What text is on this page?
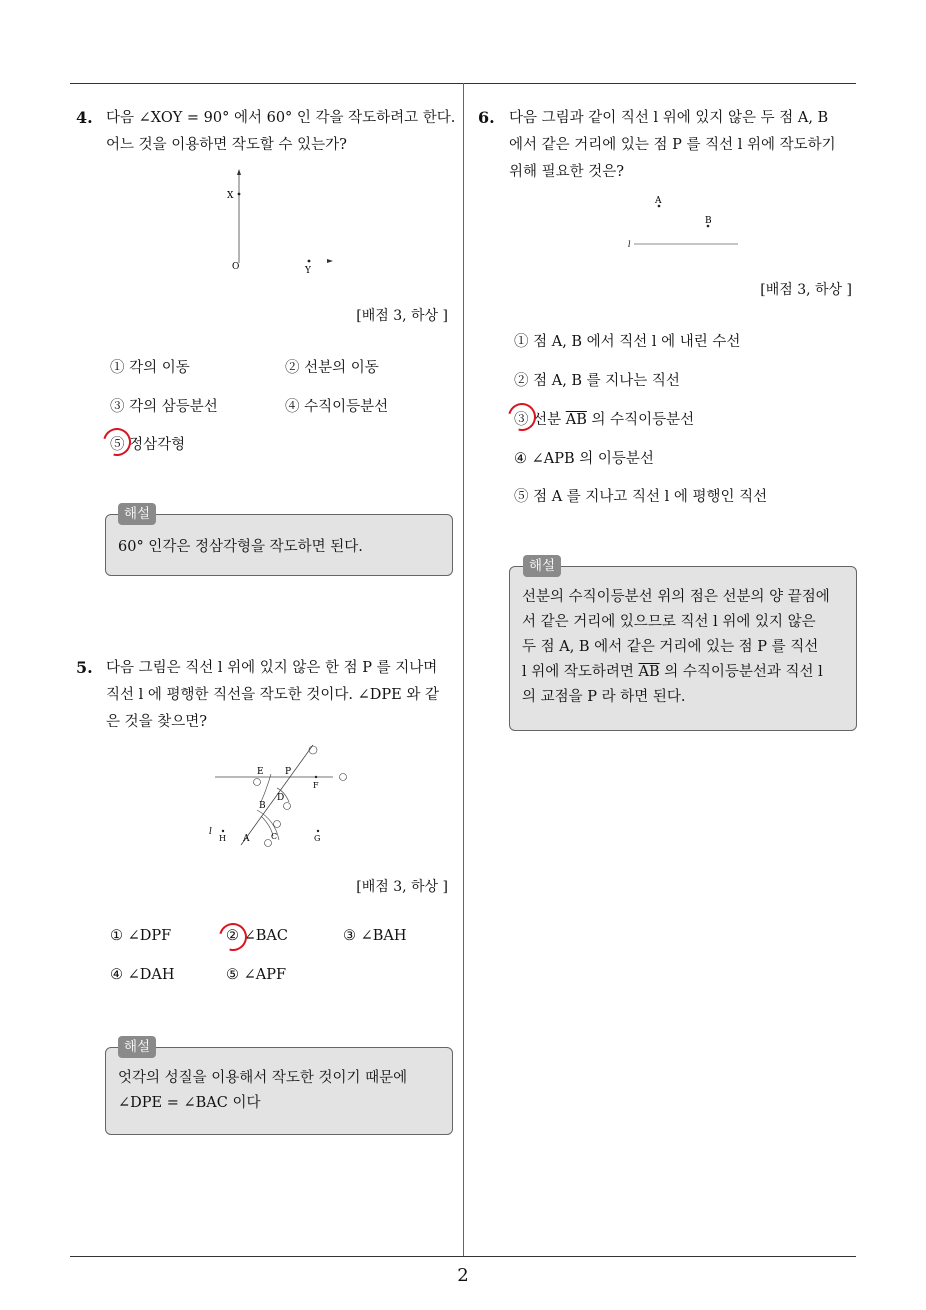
2
4. 다음 ∠XOY = 90° 에서 60° 인 각을 작도하려고 한다.
어느 것을 이용하면 작도할 수 있는가?
X
O	Y
[배점 3, 하상 ]
① 각의 이동	② 선분의 이동
③ 각의 삼등분선	④ 수직이등분선
⑤ 정삼각형
60° 인각은 정삼각형을 작도하면 된다.
해설
5. 다음 그림은 직선 l 위에 있지 않은 한 점 P 를 지나며
직선 l 에 평행한 직선을 작도한 것이다. ∠DPE 와 같
은 것을 찾으면?
E P
F
D
B
A	C
H	G
l
[배점 3, 하상 ]
① ∠DPF	② ∠BAC	③ ∠BAH
④ ∠DAH	⑤ ∠APF
엇각의 성질을 이용해서 작도한 것이기 때문에
∠DPE = ∠BAC 이다
해설
6. 다음 그림과 같이 직선 l 위에 있지 않은 두 점 A, B
에서 같은 거리에 있는 점 P 를 직선 l 위에 작도하기
위해 필요한 것은?
A
B
l
[배점 3, 하상 ]
① 점 A, B 에서 직선 l 에 내린 수선
② 점 A, B 를 지나는 직선
③ 선분 $\overline{AB}$ 의 수직이등분선
④ ∠APB 의 이등분선
⑤ 점 A 를 지나고 직선 l 에 평행인 직선
선분의 수직이등분선 위의 점은 선분의 양 끝점에
서 같은 거리에 있으므로 직선 l 위에 있지 않은
두 점 A, B 에서 같은 거리에 있는 점 P 를 직선
l 위에 작도하려면 $\overline{AB}$ 의 수직이등분선과 직선 l
의 교점을 P 라 하면 된다.
해설
